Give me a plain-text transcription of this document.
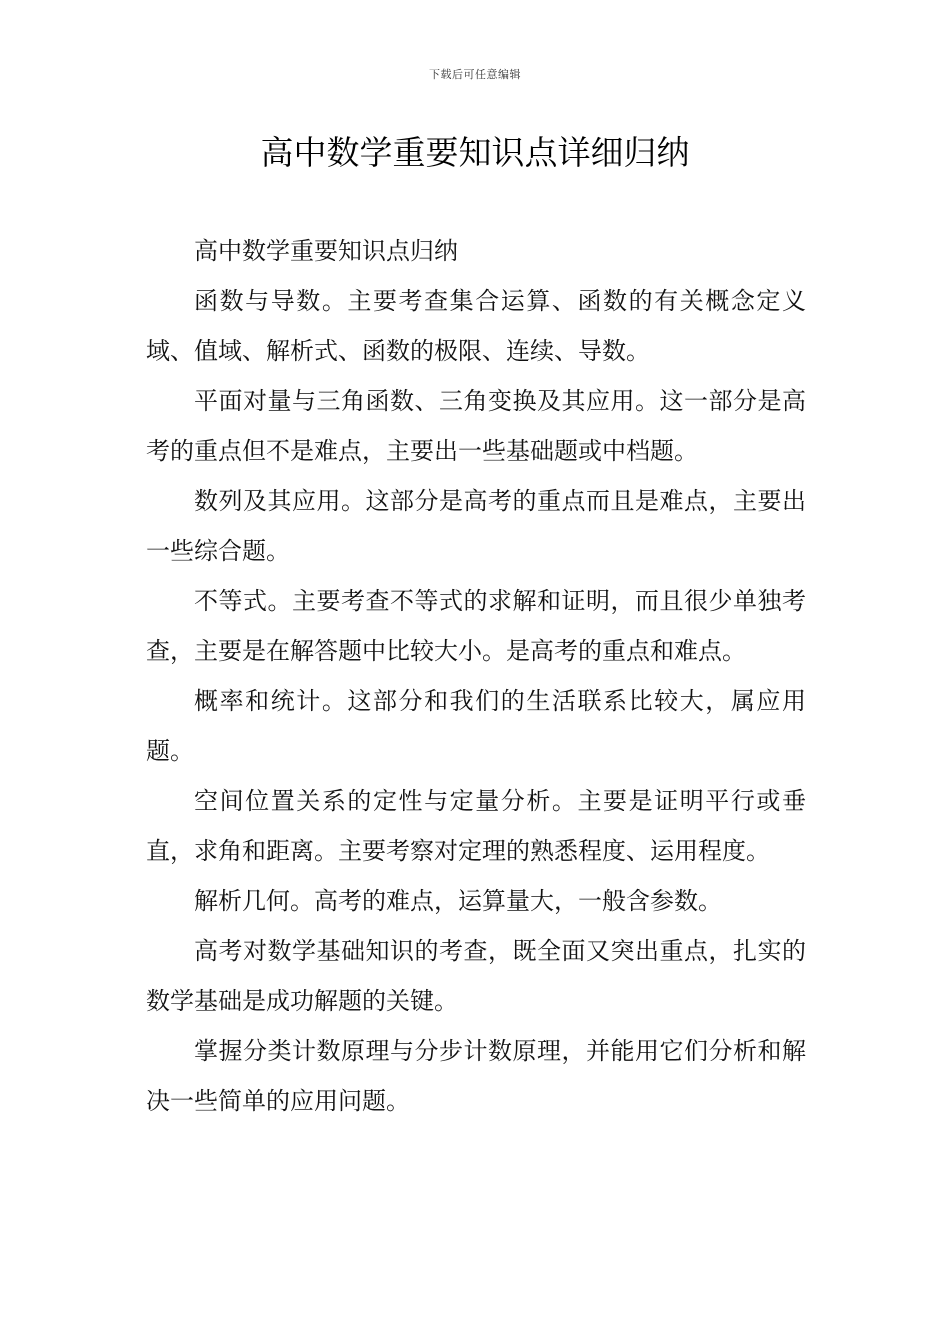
下载后可任意编辑
高中数学重要知识点详细归纳

高中数学重要知识点归纳

函数与导数。主要考查集合运算、函数的有关概念定义域、值域、解析式、函数的极限、连续、导数。

平面对量与三角函数、三角变换及其应用。这一部分是高考的重点但不是难点，主要出一些基础题或中档题。

数列及其应用。这部分是高考的重点而且是难点，主要出一些综合题。

不等式。主要考查不等式的求解和证明，而且很少单独考查，主要是在解答题中比较大小。是高考的重点和难点。

概率和统计。这部分和我们的生活联系比较大，属应用题。

空间位置关系的定性与定量分析。主要是证明平行或垂直，求角和距离。主要考察对定理的熟悉程度、运用程度。

解析几何。高考的难点，运算量大，一般含参数。

高考对数学基础知识的考查，既全面又突出重点，扎实的数学基础是成功解题的关键。

掌握分类计数原理与分步计数原理，并能用它们分析和解决一些简单的应用问题。
